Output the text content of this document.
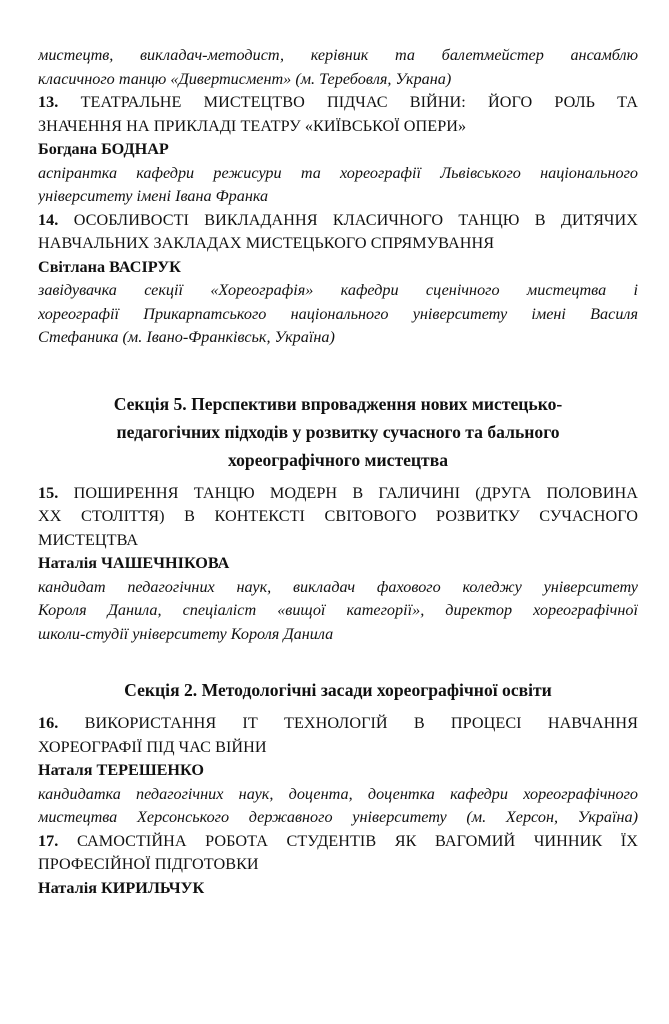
мистецтв, викладач-методист, керівник та балетмейстер ансамблю
класичного танцю «Дивертисмент» (м. Теребовля, Украна)
13. ТЕАТРАЛЬНЕ МИСТЕЦТВО ПІДЧАС ВІЙНИ: ЙОГО РОЛЬ ТА
ЗНАЧЕННЯ НА ПРИКЛАДІ ТЕАТРУ «КИЇВСЬКОЇ ОПЕРИ»
Богдана БОДНАР
аспірантка кафедри режисури та хореографії Львівського національного
університету імені Івана Франка
14. ОСОБЛИВОСТІ ВИКЛАДАННЯ КЛАСИЧНОГО ТАНЦЮ В ДИТЯЧИХ
НАВЧАЛЬНИХ ЗАКЛАДАХ МИСТЕЦЬКОГО СПРЯМУВАННЯ
Світлана ВАСІРУК
завідувачка секції «Хореографія» кафедри сценічного мистецтва і
хореографії Прикарпатського національного університету імені Василя
Стефаника (м. Івано-Франківськ, Україна)
Секція 5. Перспективи впровадження нових мистецько-
педагогічних підходів у розвитку сучасного та бального
хореографічного мистецтва
15. ПОШИРЕННЯ ТАНЦЮ МОДЕРН В ГАЛИЧИНІ (ДРУГА ПОЛОВИНА
ХХ СТОЛІТТЯ) В КОНТЕКСТІ СВІТОВОГО РОЗВИТКУ СУЧАСНОГО
МИСТЕЦТВА
Наталія ЧАШЕЧНІКОВА
кандидат педагогічних наук, викладач фахового коледжу університету
Короля Данила, спеціаліст «вищої категорії», директор хореографічної
школи-студії університету Короля Данила
Секція 2. Методологічні засади хореографічної освіти
16. ВИКОРИСТАННЯ ІТ ТЕХНОЛОГІЙ В ПРОЦЕСІ НАВЧАННЯ
ХОРЕОГРАФІЇ ПІД ЧАС ВІЙНИ
Наталя ТЕРЕШЕНКО
кандидатка педагогічних наук, доцента, доцентка кафедри хореографічного
мистецтва Херсонського державного університету (м. Херсон, Україна)
17. САМОСТІЙНА РОБОТА СТУДЕНТІВ ЯК ВАГОМИЙ ЧИННИК ЇХ
ПРОФЕСІЙНОЇ ПІДГОТОВКИ
Наталія КИРИЛЬЧУК
